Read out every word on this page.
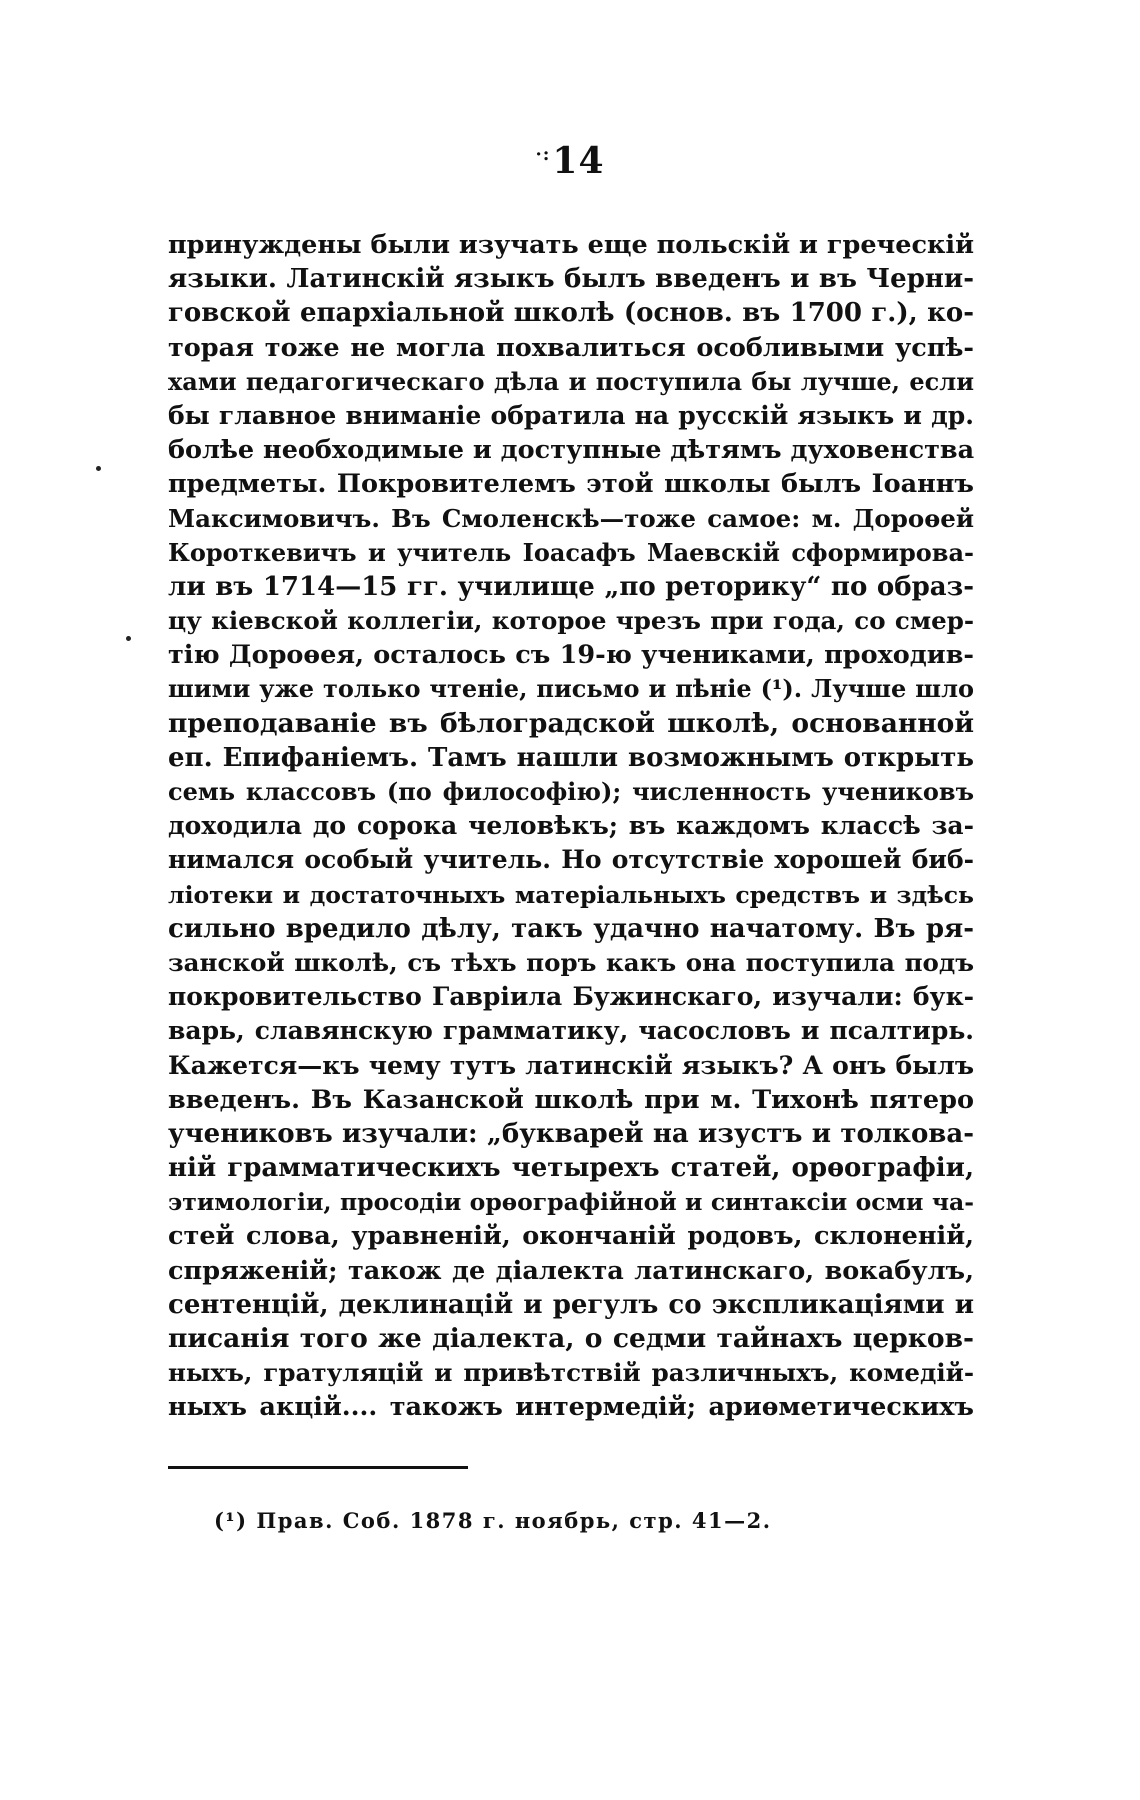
·:14
принуждены были изучать еще польскій и греческій
языки. Латинскій языкъ былъ введенъ и въ Черни-
говской епархіальной школѣ (основ. въ 1700 г.), ко-
торая тоже не могла похвалиться особливыми успѣ-
хами педагогическаго дѣла и поступила бы лучше, если
бы главное вниманіе обратила на русскій языкъ и др.
болѣе необходимые и доступные дѣтямъ духовенства
предметы. Покровителемъ этой школы былъ Іоаннъ
Максимовичъ. Въ Смоленскѣ—тоже самое: м. Дороѳей
Короткевичъ и учитель Іоасафъ Маевскій сформирова-
ли въ 1714—15 гг. училище „по реторику“ по образ-
цу кіевской коллегіи, которое чрезъ при года, со смер-
тію Дороѳея, осталось съ 19-ю учениками, проходив-
шими уже только чтеніе, письмо и пѣніе (¹). Лучше шло
преподаваніе въ бѣлоградской школѣ, основанной
еп. Епифаніемъ. Тамъ нашли возможнымъ открыть
семь классовъ (по философію); численность учениковъ
доходила до сорока человѣкъ; въ каждомъ классѣ за-
нимался особый учитель. Но отсутствіе хорошей биб-
ліотеки и достаточныхъ матеріальныхъ средствъ и здѣсь
сильно вредило дѣлу, такъ удачно начатому. Въ ря-
занской школѣ, съ тѣхъ поръ какъ она поступила подъ
покровительство Гавріила Бужинскаго, изучали: бук-
варь, славянскую грамматику, часословъ и псалтирь.
Кажется—къ чему тутъ латинскій языкъ? А онъ былъ
введенъ. Въ Казанской школѣ при м. Тихонѣ пятеро
учениковъ изучали: „букварей на изустъ и толкова-
ній грамматическихъ четырехъ статей, орѳографіи,
этимологіи, просодіи орѳографійной и синтаксіи осми ча-
стей слова, уравненій, окончаній родовъ, склоненій,
спряженій; також де діалекта латинскаго, вокабулъ,
сентенцій, деклинацій и регулъ со экспликаціями и
писанія того же діалекта, о седми тайнахъ церков-
ныхъ, гратуляцій и привѣтствій различныхъ, комедій-
ныхъ акцій.... такожъ интермедій; ариѳметическихъ
(¹) Прав. Соб. 1878 г. ноябрь, стр. 41—2.
